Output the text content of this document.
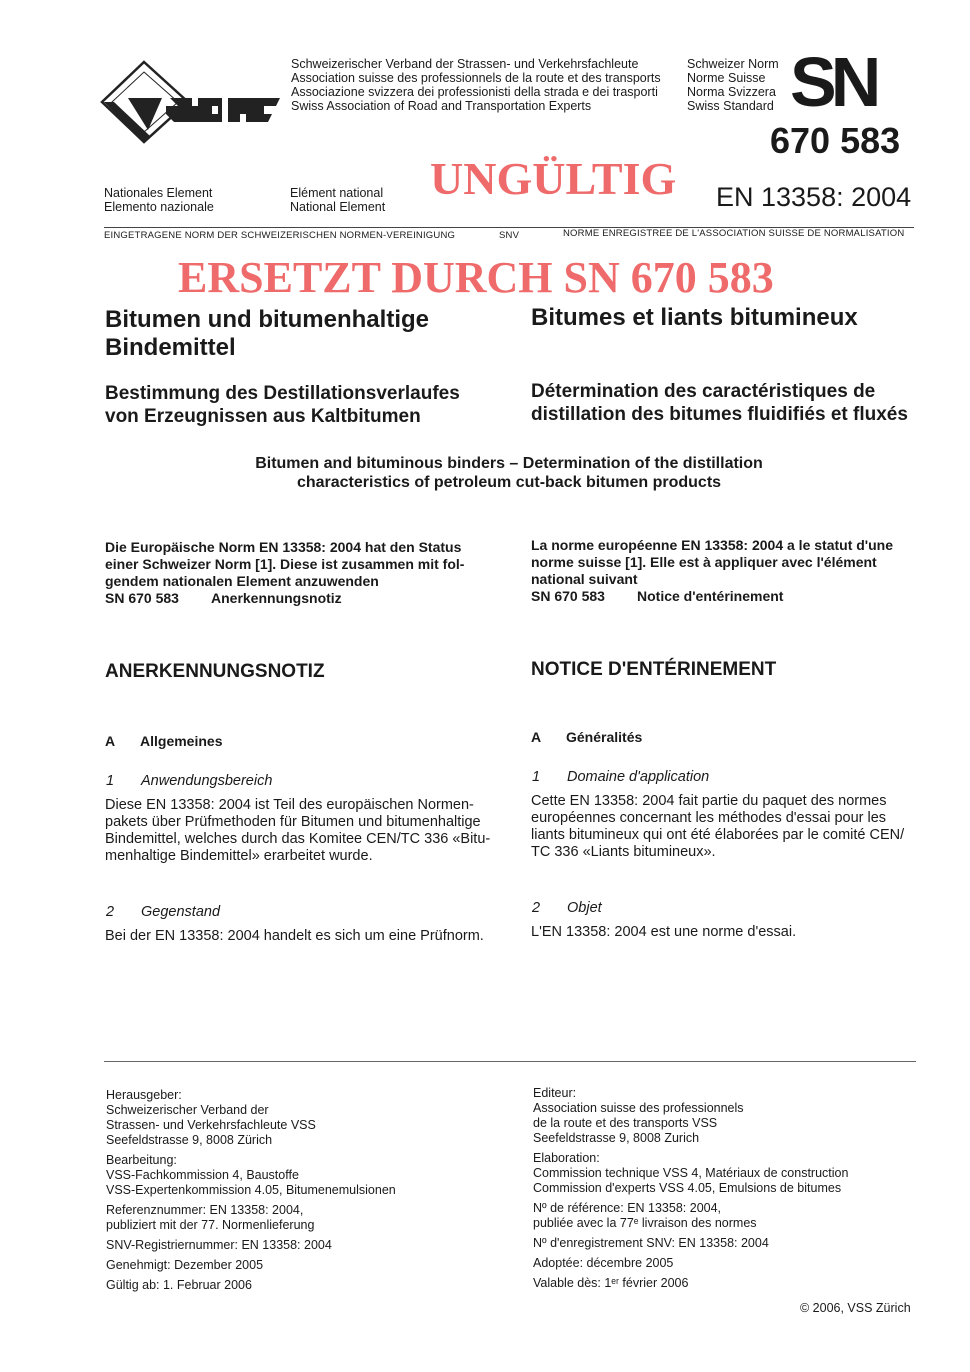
Schweizerischer Verband der Strassen- und Verkehrsfachleute
Association suisse des professionnels de la route et des transports
Associazione svizzera dei professionisti della strada e dei trasporti
Swiss Association of Road and Transportation Experts
Schweizer Norm
Norme Suisse
Norma Svizzera
Swiss Standard SN
670 583
Nationales Element
Elemento nazionale
Elément national
National Element
UNGÜLTIG EN 13358: 2004
EINGETRAGENE NORM DER SCHWEIZERISCHEN NORMEN-VEREINIGUNG	SNV	NORME ENREGISTREE DE L'ASSOCIATION SUISSE DE NORMALISATION
ERSETZT DURCH SN 670 583
Bitumen und bitumenhaltige
Bindemittel
Bitumes et liants bitumineux
Bestimmung des Destillationsverlaufes
von Erzeugnissen aus Kaltbitumen
Détermination des caractéristiques de
distillation des bitumes fluidifiés et fluxés
Bitumen and bituminous binders – Determination of the distillation
characteristics of petroleum cut-back bitumen products
Die Europäische Norm EN 13358: 2004 hat den Status
einer Schweizer Norm [1]. Diese ist zusammen mit fol-
gendem nationalen Element anzuwenden
SN 670 583 Anerkennungsnotiz
La norme européenne EN 13358: 2004 a le statut d'une
norme suisse [1]. Elle est à appliquer avec l'élément
national suivant
SN 670 583 Notice d'entérinement
ANERKENNUNGSNOTIZ	NOTICE D'ENTÉRINEMENT
A Allgemeines	A Généralités
1 Anwendungsbereich	1 Domaine d'application
Diese EN 13358: 2004 ist Teil des europäischen Normen-
pakets über Prüfmethoden für Bitumen und bitumenhaltige
Bindemittel, welches durch das Komitee CEN/TC 336 «Bitu-
menhaltige Bindemittel» erarbeitet wurde.
Cette EN 13358: 2004 fait partie du paquet des normes
européennes concernant les méthodes d'essai pour les
liants bitumineux qui ont été élaborées par le comité CEN/
TC 336 «Liants bitumineux».
2 Gegenstand	2 Objet
Bei der EN 13358: 2004 handelt es sich um eine Prüfnorm.	L'EN 13358: 2004 est une norme d'essai.
Herausgeber:
Schweizerischer Verband der
Strassen- und Verkehrsfachleute VSS
Seefeldstrasse 9, 8008 Zürich
Bearbeitung:
VSS-Fachkommission 4, Baustoffe
VSS-Expertenkommission 4.05, Bitumenemulsionen
Referenznummer: EN 13358: 2004,
publiziert mit der 77. Normenlieferung
SNV-Registriernummer: EN 13358: 2004
Genehmigt: Dezember 2005
Gültig ab: 1. Februar 2006
Editeur:
Association suisse des professionnels
de la route et des transports VSS
Seefeldstrasse 9, 8008 Zurich
Elaboration:
Commission technique VSS 4, Matériaux de construction
Commission d'experts VSS 4.05, Emulsions de bitumes
Nº de référence: EN 13358: 2004,
publiée avec la 77ᵉ livraison des normes
Nº d'enregistrement SNV: EN 13358: 2004
Adoptée: décembre 2005
Valable dès: 1ᵉʳ février 2006
© 2006, VSS Zürich
